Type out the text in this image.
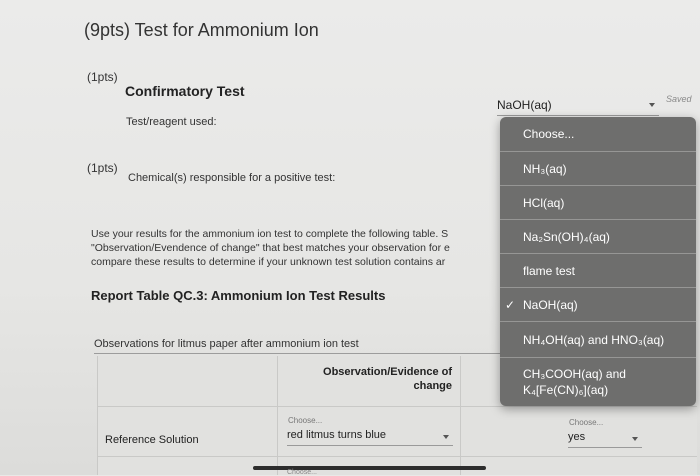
(9pts) Test for Ammonium Ion
(1pts)
Confirmatory Test
Test/reagent used:
NaOH(aq)	Saved
(1pts)
Chemical(s) responsible for a positive test:
Use your results for the ammonium ion test to complete the following table. S
"Observation/Evendence of change" that best matches your observation for e
compare these results to determine if your unknown test solution contains ar
Report Table QC.3: Ammonium Ion Test Results
Observations for litmus paper after ammonium ion test
Observation/Evidence of change
Reference Solution
Choose...
red litmus turns blue
Choose...
yes
Choose...
Choose...
NH₃(aq)
HCl(aq)
Na₂Sn(OH)₄(aq)
flame test
✓ NaOH(aq)
NH₄OH(aq) and HNO₃(aq)
CH₃COOH(aq) and K₄[Fe(CN)₆](aq)
